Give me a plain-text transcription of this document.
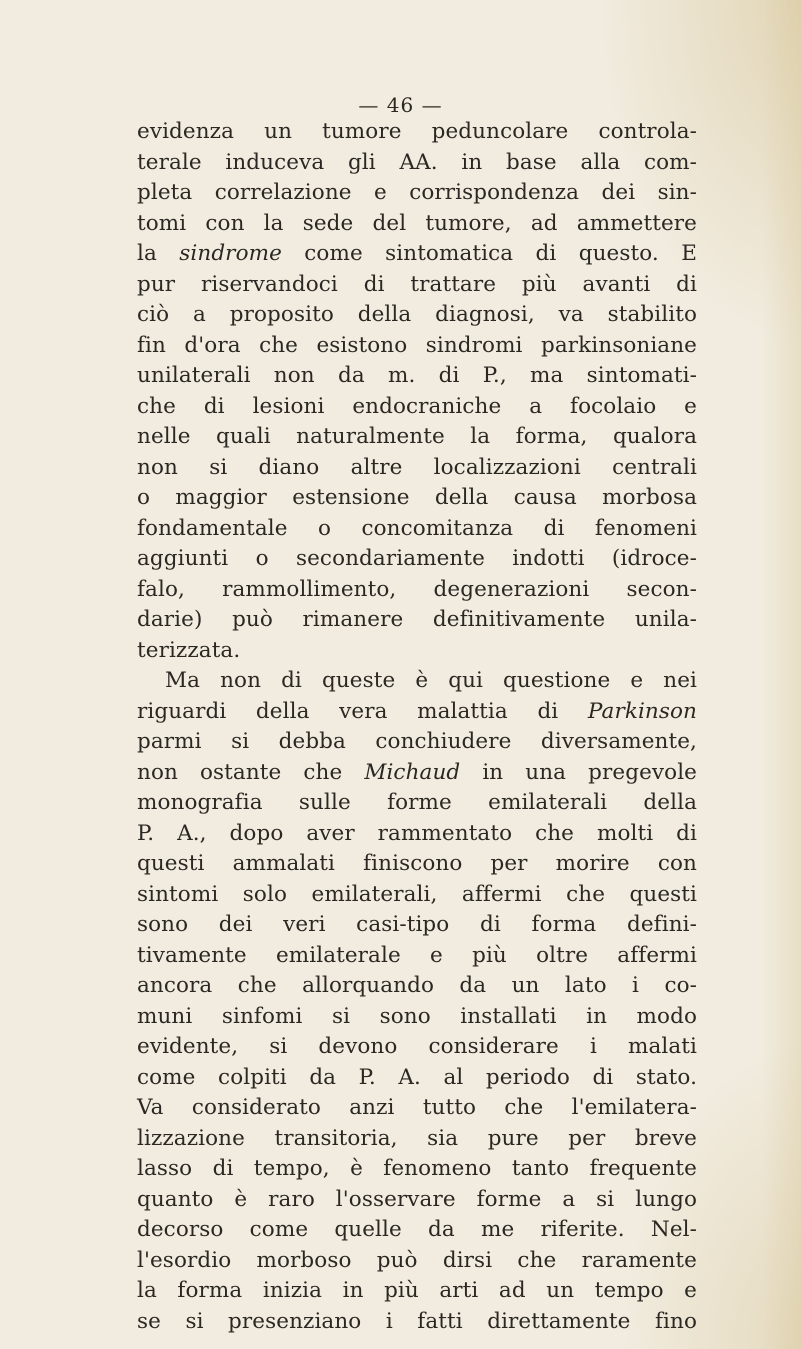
— 46 —
evidenza un tumore peduncolare controla-
terale induceva gli AA. in base alla com-
pleta correlazione e corrispondenza dei sin-
tomi con la sede del tumore, ad ammettere
la sindrome come sintomatica di questo. E
pur riservandoci di trattare più avanti di
ciò a proposito della diagnosi, va stabilito
fin d'ora che esistono sindromi parkinsoniane
unilaterali non da m. di P., ma sintomati-
che di lesioni endocraniche a focolaio e
nelle quali naturalmente la forma, qualora
non si diano altre localizzazioni centrali
o maggior estensione della causa morbosa
fondamentale o concomitanza di fenomeni
aggiunti o secondariamente indotti (idroce-
falo, rammollimento, degenerazioni secon-
darie) può rimanere definitivamente unila-
terizzata.
Ma non di queste è qui questione e nei
riguardi della vera malattia di Parkinson
parmi si debba conchiudere diversamente,
non ostante che Michaud in una pregevole
monografia sulle forme emilaterali della
P. A., dopo aver rammentato che molti di
questi ammalati finiscono per morire con
sintomi solo emilaterali, affermi che questi
sono dei veri casi-tipo di forma defini-
tivamente emilaterale e più oltre affermi
ancora che allorquando da un lato i co-
muni sinfomi si sono installati in modo
evidente, si devono considerare i malati
come colpiti da P. A. al periodo di stato.
Va considerato anzi tutto che l'emilatera-
lizzazione transitoria, sia pure per breve
lasso di tempo, è fenomeno tanto frequente
quanto è raro l'osservare forme a si lungo
decorso come quelle da me riferite. Nel-
l'esordio morboso può dirsi che raramente
la forma inizia in più arti ad un tempo e
se si presenziano i fatti direttamente fino
